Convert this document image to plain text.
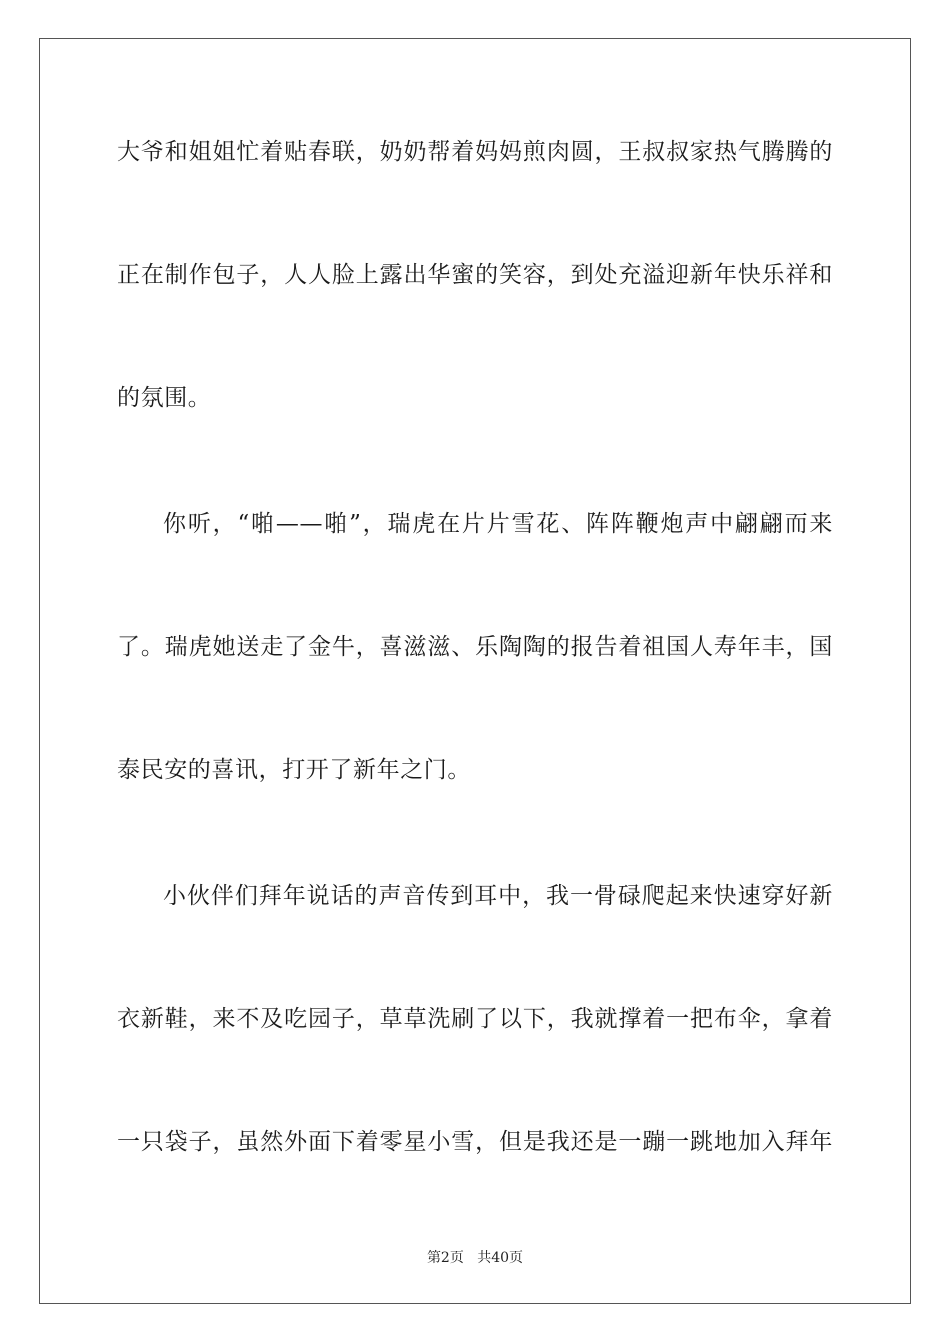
大爷和姐姐忙着贴春联，奶奶帮着妈妈煎肉圆，王叔叔家热气腾腾的
正在制作包子，人人脸上露出华蜜的笑容，到处充溢迎新年快乐祥和
的氛围。
你听，“啪——啪”，瑞虎在片片雪花、阵阵鞭炮声中翩翩而来
了。瑞虎她送走了金牛，喜滋滋、乐陶陶的报告着祖国人寿年丰，国
泰民安的喜讯，打开了新年之门。
小伙伴们拜年说话的声音传到耳中，我一骨碌爬起来快速穿好新
衣新鞋，来不及吃园子，草草洗刷了以下，我就撑着一把布伞，拿着
一只袋子，虽然外面下着零星小雪，但是我还是一蹦一跳地加入拜年
第2页 共40页
